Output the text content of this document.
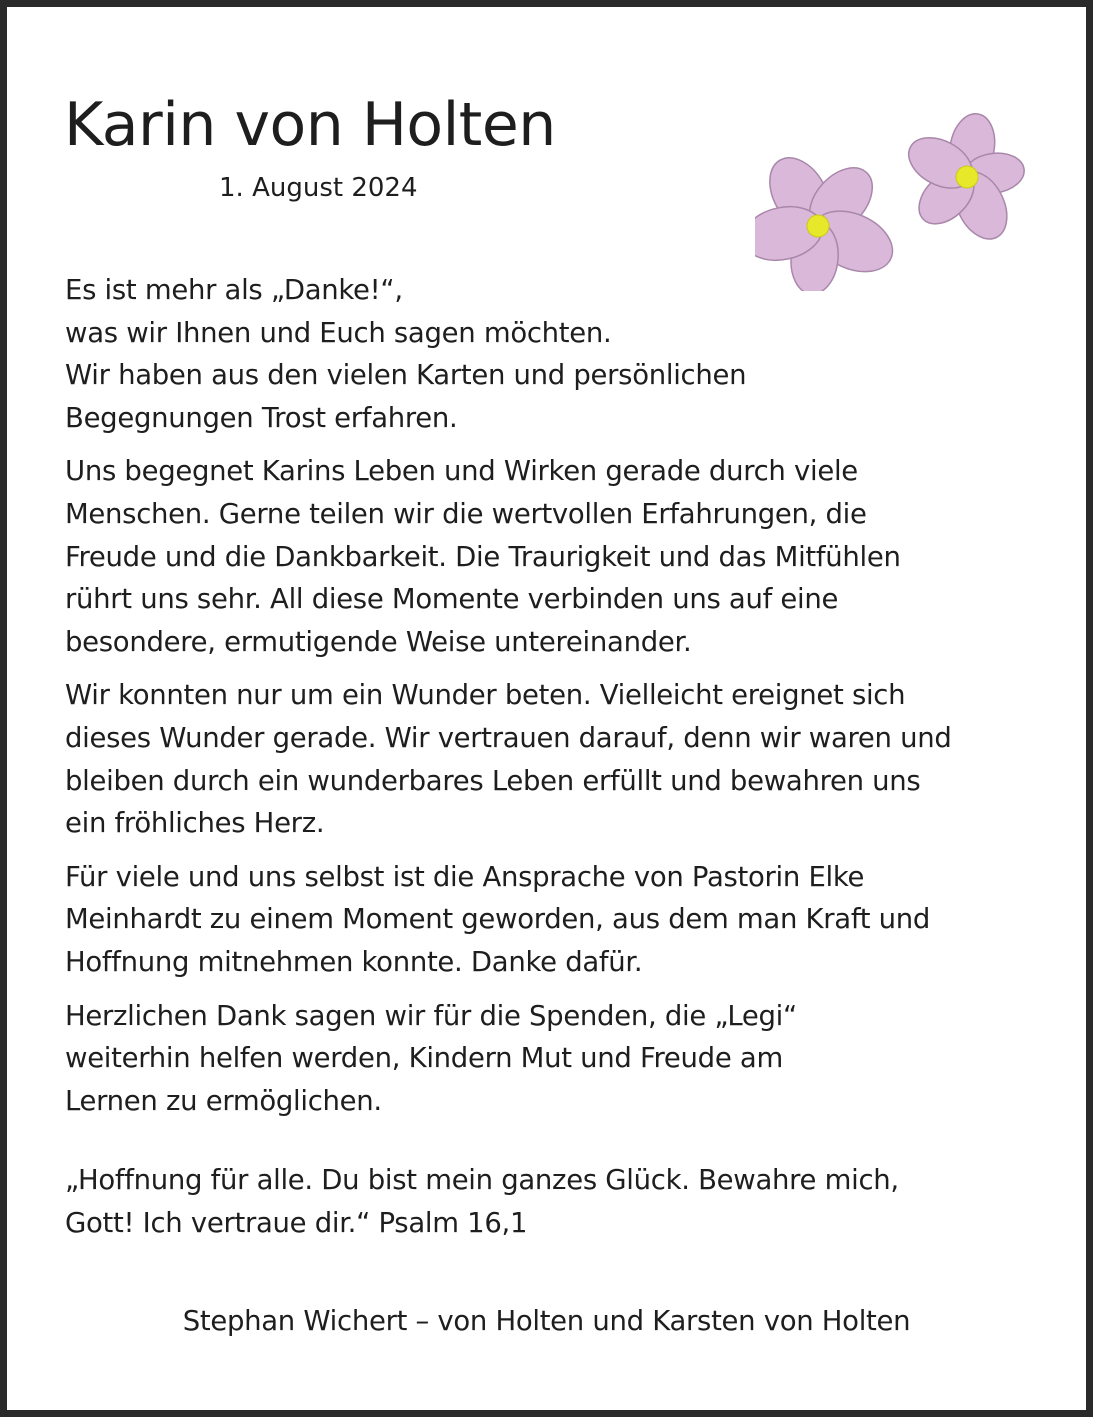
Karin von Holten
1. August 2024
Es ist mehr als „Danke!“,
was wir Ihnen und Euch sagen möchten.
Wir haben aus den vielen Karten und persönlichen
Begegnungen Trost erfahren.
Uns begegnet Karins Leben und Wirken gerade durch viele
Menschen. Gerne teilen wir die wertvollen Erfahrungen, die
Freude und die Dankbarkeit. Die Traurigkeit und das Mitfühlen
rührt uns sehr. All diese Momente verbinden uns auf eine
besondere, ermutigende Weise untereinander.
Wir konnten nur um ein Wunder beten. Vielleicht ereignet sich
dieses Wunder gerade. Wir vertrauen darauf, denn wir waren und
bleiben durch ein wunderbares Leben erfüllt und bewahren uns
ein fröhliches Herz.
Für viele und uns selbst ist die Ansprache von Pastorin Elke
Meinhardt zu einem Moment geworden, aus dem man Kraft und
Hoffnung mitnehmen konnte. Danke dafür.
Herzlichen Dank sagen wir für die Spenden, die „Legi“
weiterhin helfen werden, Kindern Mut und Freude am
Lernen zu ermöglichen.
„Hoffnung für alle. Du bist mein ganzes Glück. Bewahre mich,
Gott! Ich vertraue dir.“ Psalm 16,1
Stephan Wichert – von Holten und Karsten von Holten
